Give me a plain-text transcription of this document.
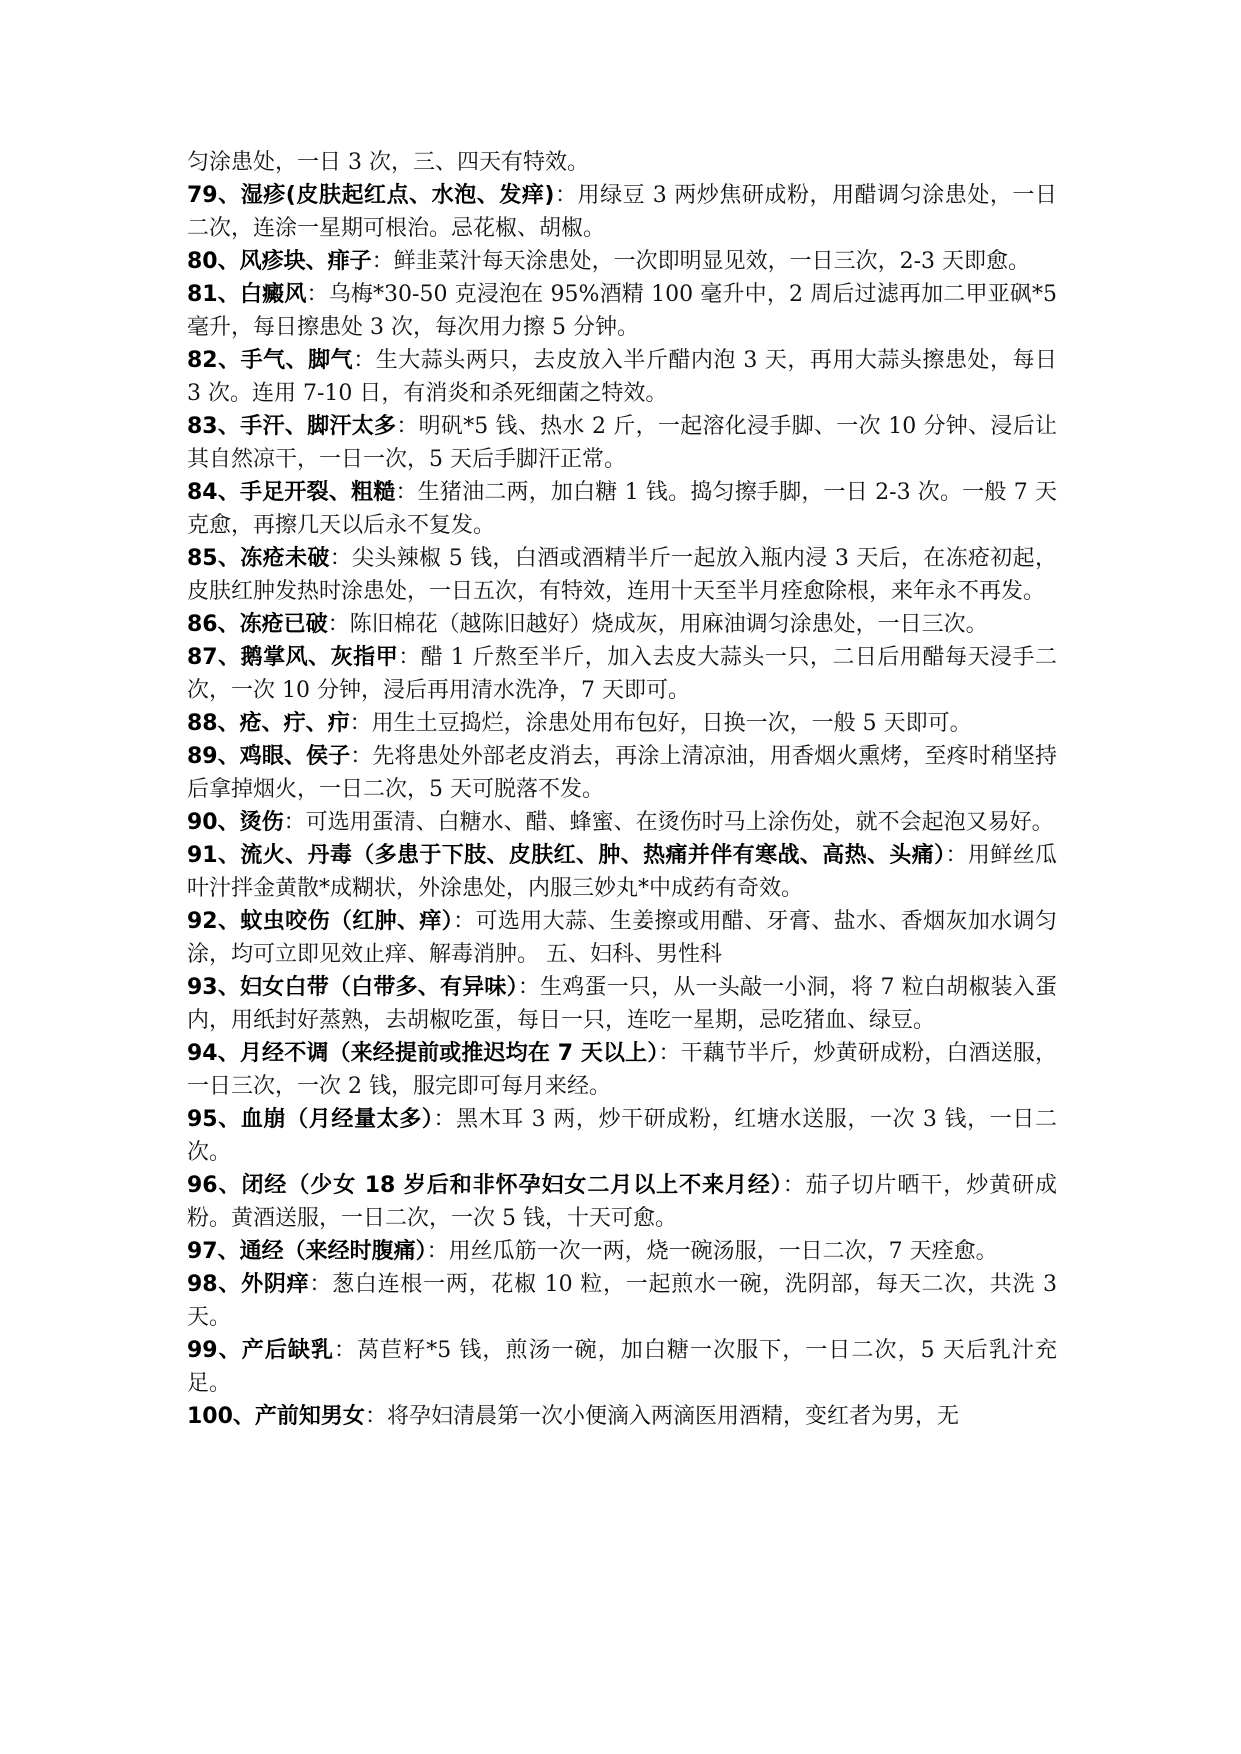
匀涂患处，一日 3 次，三、四天有特效。

79、湿疹(皮肤起红点、水泡、发痒)：用绿豆 3 两炒焦研成粉，用醋调匀涂患处，一日二次，连涂一星期可根治。忌花椒、胡椒。

80、风疹块、痱子：鲜韭菜汁每天涂患处，一次即明显见效，一日三次，2-3 天即愈。

81、白癜风：乌梅*30-50 克浸泡在 95%酒精 100 毫升中，2 周后过滤再加二甲亚砜*5 毫升，每日擦患处 3 次，每次用力擦 5 分钟。

82、手气、脚气：生大蒜头两只，去皮放入半斤醋内泡 3 天，再用大蒜头擦患处，每日 3 次。连用 7-10 日，有消炎和杀死细菌之特效。

83、手汗、脚汗太多：明矾*5 钱、热水 2 斤，一起溶化浸手脚、一次 10 分钟、浸后让其自然凉干，一日一次，5 天后手脚汗正常。

84、手足开裂、粗糙：生猪油二两，加白糖 1 钱。捣匀擦手脚，一日 2-3 次。一般 7 天克愈，再擦几天以后永不复发。

85、冻疮未破：尖头辣椒 5 钱，白酒或酒精半斤一起放入瓶内浸 3 天后，在冻疮初起，皮肤红肿发热时涂患处，一日五次，有特效，连用十天至半月痊愈除根，来年永不再发。

86、冻疮已破：陈旧棉花（越陈旧越好）烧成灰，用麻油调匀涂患处，一日三次。

87、鹅掌风、灰指甲：醋 1 斤熬至半斤，加入去皮大蒜头一只，二日后用醋每天浸手二次，一次 10 分钟，浸后再用清水洗净，7 天即可。

88、疮、疔、疖：用生土豆捣烂，涂患处用布包好，日换一次，一般 5 天即可。

89、鸡眼、侯子：先将患处外部老皮消去，再涂上清凉油，用香烟火熏烤，至疼时稍坚持后拿掉烟火，一日二次，5 天可脱落不发。

90、烫伤：可选用蛋清、白糖水、醋、蜂蜜、在烫伤时马上涂伤处，就不会起泡又易好。

91、流火、丹毒（多患于下肢、皮肤红、肿、热痛并伴有寒战、高热、头痛）：用鲜丝瓜叶汁拌金黄散*成糊状，外涂患处，内服三妙丸*中成药有奇效。

92、蚊虫咬伤（红肿、痒）：可选用大蒜、生姜擦或用醋、牙膏、盐水、香烟灰加水调匀涂，均可立即见效止痒、解毒消肿。 五、妇科、男性科

93、妇女白带（白带多、有异味）：生鸡蛋一只，从一头敲一小洞，将 7 粒白胡椒装入蛋内，用纸封好蒸熟，去胡椒吃蛋，每日一只，连吃一星期，忌吃猪血、绿豆。

94、月经不调（来经提前或推迟均在 7 天以上）：干藕节半斤，炒黄研成粉，白酒送服，一日三次，一次 2 钱，服完即可每月来经。

95、血崩（月经量太多）：黑木耳 3 两，炒干研成粉，红塘水送服，一次 3 钱，一日二次。

96、闭经（少女 18 岁后和非怀孕妇女二月以上不来月经）：茄子切片晒干，炒黄研成粉。黄酒送服，一日二次，一次 5 钱，十天可愈。

97、通经（来经时腹痛）：用丝瓜筋一次一两，烧一碗汤服，一日二次，7 天痊愈。

98、外阴痒：葱白连根一两，花椒 10 粒，一起煎水一碗，洗阴部，每天二次，共洗 3 天。

99、产后缺乳：莴苣籽*5 钱，煎汤一碗，加白糖一次服下，一日二次，5 天后乳汁充足。

100、产前知男女：将孕妇清晨第一次小便滴入两滴医用酒精，变红者为男，无
